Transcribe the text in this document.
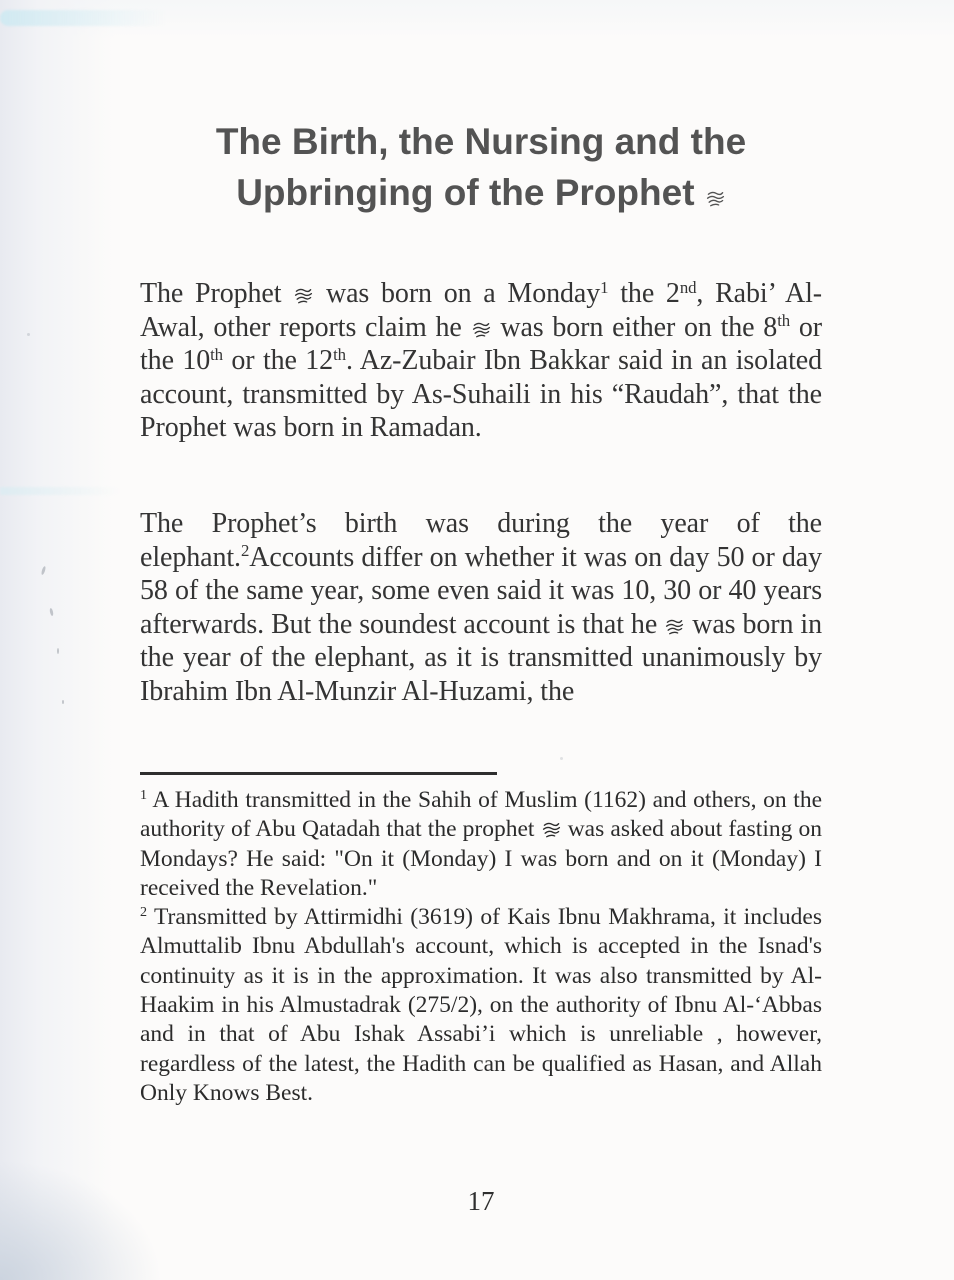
The Birth, the Nursing and the
Upbringing of the Prophet

The Prophet  was born on a Monday$^1$ the 2nd, Rabi’ Al-Awal, other reports claim he  was born either on the 8th or the 10th or the 12th. Az-Zubair Ibn Bakkar said in an isolated account, transmitted by As-Suhaili in his “Raudah”, that the Prophet was born in Ramadan.

The Prophet’s birth was during the year of the elephant.$^2$Accounts differ on whether it was on day 50 or day 58 of the same year, some even said it was 10, 30 or 40 years afterwards. But the soundest account is that he  was born in the year of the elephant, as it is transmitted unanimously by Ibrahim Ibn Al-Munzir Al-Huzami, the

$^1$ A Hadith transmitted in the Sahih of Muslim (1162) and others, on the authority of Abu Qatadah that the prophet  was asked about fasting on Mondays? He said: "On it (Monday) I was born and on it (Monday) I received the Revelation."

$^2$ Transmitted by Attirmidhi (3619) of Kais Ibnu Makhrama, it includes Almuttalib Ibnu Abdullah's account, which is accepted in the Isnad's continuity as it is in the approximation. It was also transmitted by Al-Haakim in his Almustadrak (275/2), on the authority of Ibnu Al-‘Abbas and in that of Abu Ishak Assabi’i which is unreliable , however, regardless of the latest, the Hadith can be qualified as Hasan, and Allah Only Knows Best.

17
